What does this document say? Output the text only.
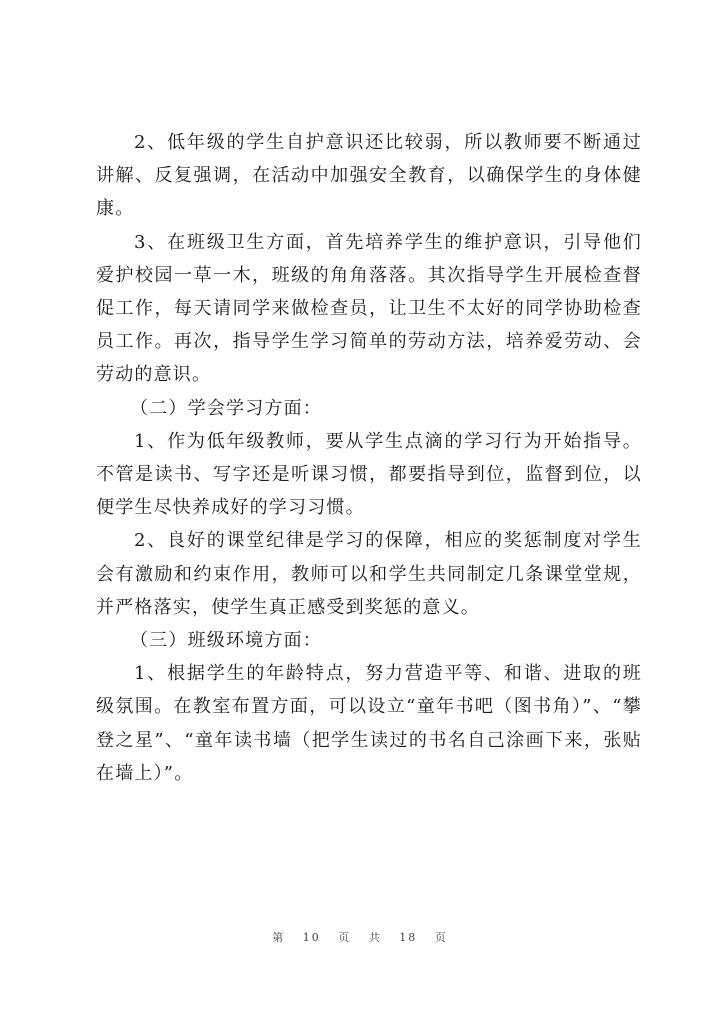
2、低年级的学生自护意识还比较弱，所以教师要不断通过讲解、反复强调，在活动中加强安全教育，以确保学生的身体健康。

3、在班级卫生方面，首先培养学生的维护意识，引导他们爱护校园一草一木，班级的角角落落。其次指导学生开展检查督促工作，每天请同学来做检查员，让卫生不太好的同学协助检查员工作。再次，指导学生学习简单的劳动方法，培养爱劳动、会劳动的意识。

（二）学会学习方面：

1、作为低年级教师，要从学生点滴的学习行为开始指导。不管是读书、写字还是听课习惯，都要指导到位，监督到位，以便学生尽快养成好的学习习惯。

2、良好的课堂纪律是学习的保障，相应的奖惩制度对学生会有激励和约束作用，教师可以和学生共同制定几条课堂堂规，并严格落实，使学生真正感受到奖惩的意义。

（三）班级环境方面：

1、根据学生的年龄特点，努力营造平等、和谐、进取的班级氛围。在教室布置方面，可以设立“童年书吧（图书角）”、“攀登之星”、“童年读书墙（把学生读过的书名自己涂画下来，张贴在墙上）”。

第 10 页 共 18 页
